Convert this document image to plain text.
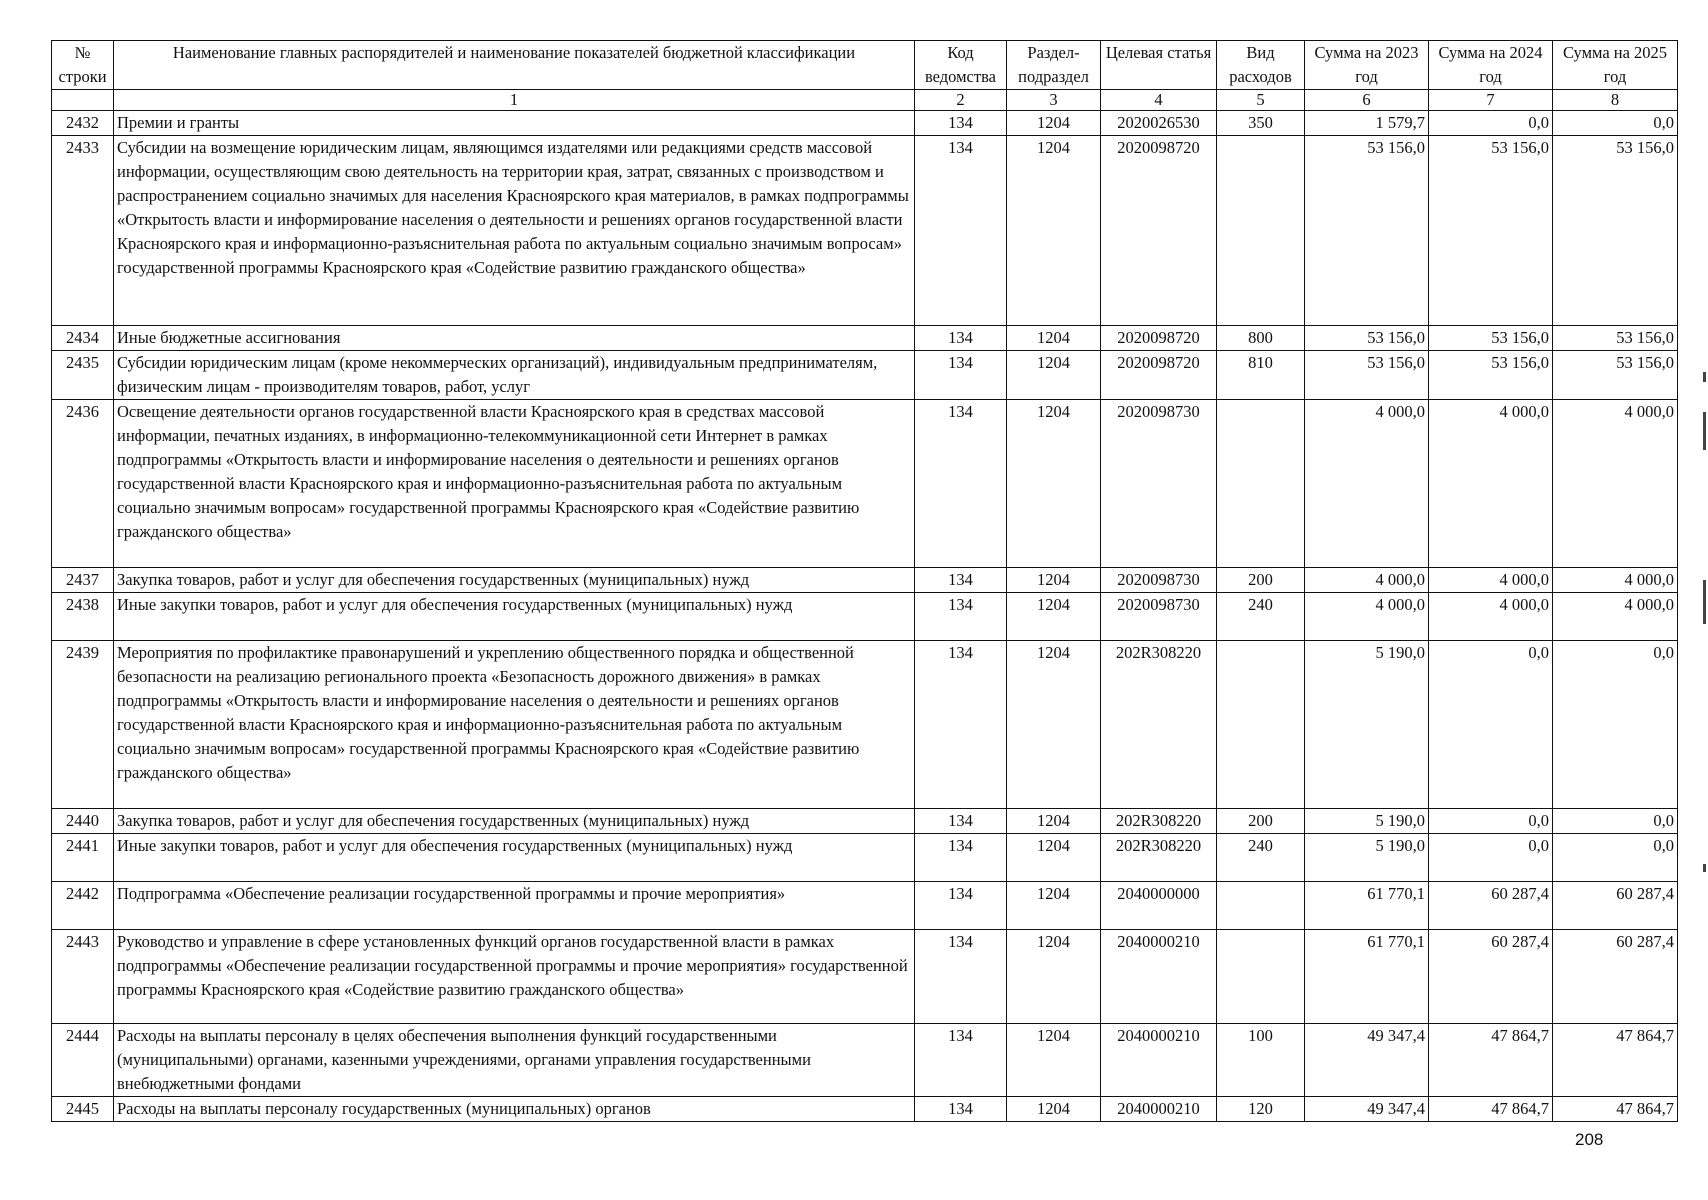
№ строки	Наименование главных распорядителей и наименование показателей бюджетной классификации	Код ведомства	Раздел-подраздел	Целевая статья	Вид расходов	Сумма на 2023 год	Сумма на 2024 год	Сумма на 2025 год
	1	2	3	4	5	6	7	8
2432	Премии и гранты	134	1204	2020026530	350	1 579,7	0,0	0,0
2433	Субсидии на возмещение юридическим лицам, являющимся издателями или редакциями средств массовой информации, осуществляющим свою деятельность на территории края, затрат, связанных с производством и распространением социально значимых для населения Красноярского края материалов, в рамках подпрограммы «Открытость власти и информирование населения о деятельности и решениях органов государственной власти Красноярского края и информационно-разъяснительная работа по актуальным социально значимым вопросам» государственной программы Красноярского края «Содействие развитию гражданского общества»	134	1204	2020098720		53 156,0	53 156,0	53 156,0
2434	Иные бюджетные ассигнования	134	1204	2020098720	800	53 156,0	53 156,0	53 156,0
2435	Субсидии юридическим лицам (кроме некоммерческих организаций), индивидуальным предпринимателям, физическим лицам - производителям товаров, работ, услуг	134	1204	2020098720	810	53 156,0	53 156,0	53 156,0
2436	Освещение деятельности органов государственной власти Красноярского края в средствах массовой информации, печатных изданиях, в информационно-телекоммуникационной сети Интернет в рамках подпрограммы «Открытость власти и информирование населения о деятельности и решениях органов государственной власти Красноярского края и информационно-разъяснительная работа по актуальным социально значимым вопросам» государственной программы Красноярского края «Содействие развитию гражданского общества»	134	1204	2020098730		4 000,0	4 000,0	4 000,0
2437	Закупка товаров, работ и услуг для обеспечения государственных (муниципальных) нужд	134	1204	2020098730	200	4 000,0	4 000,0	4 000,0
2438	Иные закупки товаров, работ и услуг для обеспечения государственных (муниципальных) нужд	134	1204	2020098730	240	4 000,0	4 000,0	4 000,0
2439	Мероприятия по профилактике правонарушений и укреплению общественного порядка и общественной безопасности на реализацию регионального проекта «Безопасность дорожного движения» в рамках подпрограммы «Открытость власти и информирование населения о деятельности и решениях органов государственной власти Красноярского края и информационно-разъяснительная работа по актуальным социально значимым вопросам» государственной программы Красноярского края «Содействие развитию гражданского общества»	134	1204	202R308220		5 190,0	0,0	0,0
2440	Закупка товаров, работ и услуг для обеспечения государственных (муниципальных) нужд	134	1204	202R308220	200	5 190,0	0,0	0,0
2441	Иные закупки товаров, работ и услуг для обеспечения государственных (муниципальных) нужд	134	1204	202R308220	240	5 190,0	0,0	0,0
2442	Подпрограмма «Обеспечение реализации государственной программы и прочие мероприятия»	134	1204	2040000000		61 770,1	60 287,4	60 287,4
2443	Руководство и управление в сфере установленных функций органов государственной власти в рамках подпрограммы «Обеспечение реализации государственной программы и прочие мероприятия» государственной программы Красноярского края «Содействие развитию гражданского общества»	134	1204	2040000210		61 770,1	60 287,4	60 287,4
2444	Расходы на выплаты персоналу в целях обеспечения выполнения функций государственными (муниципальными) органами, казенными учреждениями, органами управления государственными внебюджетными фондами	134	1204	2040000210	100	49 347,4	47 864,7	47 864,7
2445	Расходы на выплаты персоналу государственных (муниципальных) органов	134	1204	2040000210	120	49 347,4	47 864,7	47 864,7
208
